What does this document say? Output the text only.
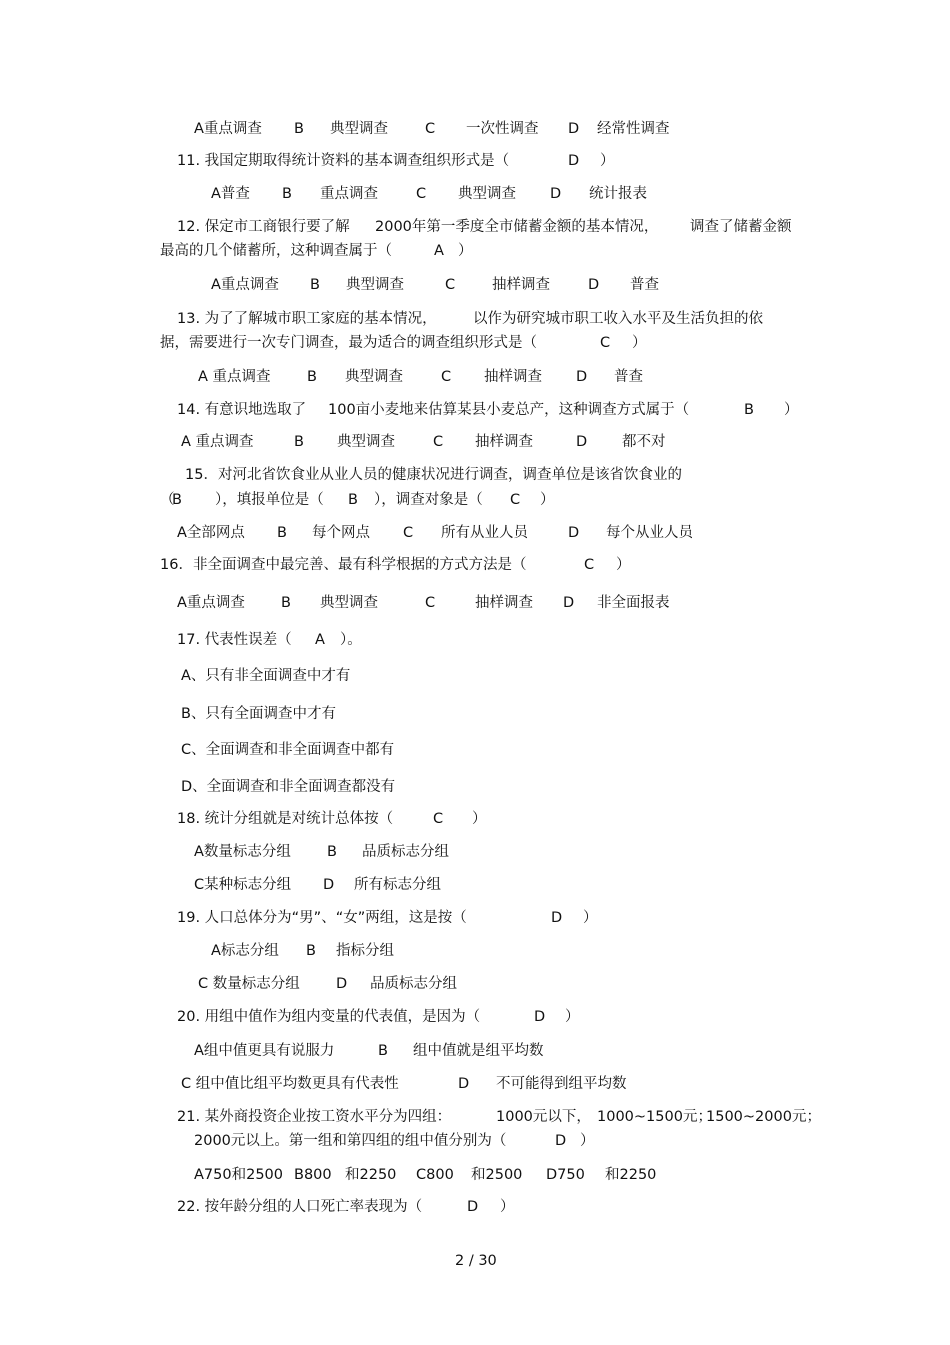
A重点调查 B 典型调查	C 一次性调查 D 经常性调查
11. 我国定期取得统计资料的基本调查组织形式是（	D ）
A普查 B 重点调查	C 典型调查 D 统计报表
12. 保定市工商银行要了解 2000年第一季度全市储蓄金额的基本情况， 调查了储蓄金额
最高的几个储蓄所，这种调查属于（	A ）
A重点调查 B 典型调查	C	抽样调查	D 普查
13. 为了了解城市职工家庭的基本情况，	以作为研究城市职工收入水平及生活负担的依
据，需要进行一次专门调查，最为适合的调查组织形式是（	C ）
A 重点调查	B 典型调查	C 抽样调查 D 普查
14. 有意识地选取了 100亩小麦地来估算某县小麦总产，这种调查方式属于（	B ）
A 重点调查	B 典型调查	C 抽样调查	D 都不对
15．对河北省饮食业从业人员的健康状况进行调查，调查单位是该省饮食业的
（
B ），填报单位是（ B ），调查对象是（ C ）
A全部网点 B 每个网点 C 所有从业人员	D 每个从业人员
16．非全面调查中最完善、最有科学根据的方式方法是（	C ）
A重点调查 B 典型调查	C	抽样调查 D 非全面报表
17. 代表性误差（ A ）。
A、只有非全面调查中才有
B、只有全面调查中才有
C、全面调查和非全面调查中都有
D、全面调查和非全面调查都没有
18. 统计分组就是对统计总体按（	C ）
A数量标志分组 B 品质标志分组
C某种标志分组 D 所有标志分组
19. 人口总体分为“男”、“女”两组，这是按（	D ）
A标志分组 B 指标分组
C 数量标志分组	D 品质标志分组
20. 用组中值作为组内变量的代表值，是因为（	D ）
A组中值更具有说服力	B 组中值就是组平均数
C 组中值比组平均数更具有代表性	D 不可能得到组平均数
21. 某外商投资企业按工资水平分为四组：	1000元以下， 1000~1500元；
1500~2000元；
2000元以上。第一组和第四组的组中值分别为（	D ）
A750和2500 B800 和2250 C800 和2500 D750 和2250
22. 按年龄分组的人口死亡率表现为（	D ）
2 / 30
